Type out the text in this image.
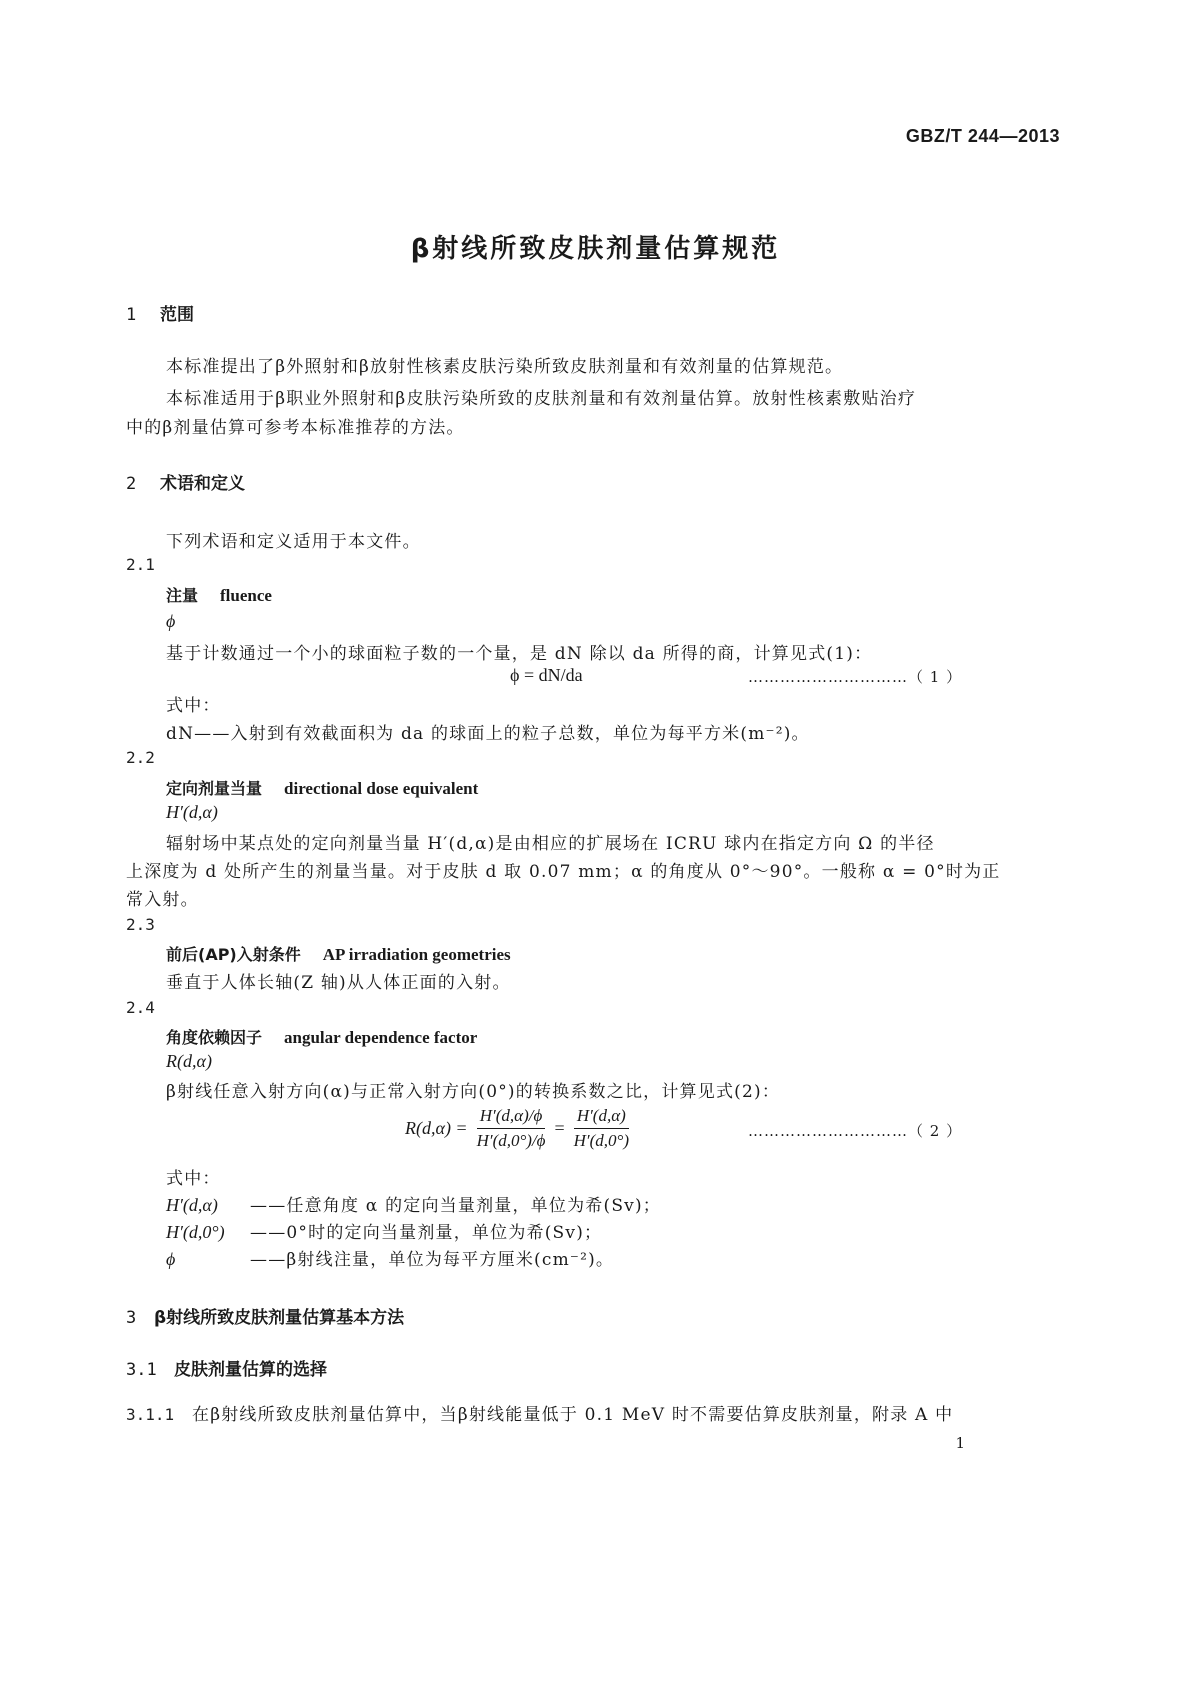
GBZ/T 244—2013
β射线所致皮肤剂量估算规范
1 范围
本标准提出了β外照射和β放射性核素皮肤污染所致皮肤剂量和有效剂量的估算规范。
本标准适用于β职业外照射和β皮肤污染所致的皮肤剂量和有效剂量估算。放射性核素敷贴治疗
中的β剂量估算可参考本标准推荐的方法。
2 术语和定义
下列术语和定义适用于本文件。
2.1
注量 fluence
ϕ
基于计数通过一个小的球面粒子数的一个量，是 dN 除以 da 所得的商，计算见式(1)：
ϕ = dN/da	…………………………（ 1 ）
式中：
dN——入射到有效截面积为 da 的球面上的粒子总数，单位为每平方米(m⁻²)。
2.2
定向剂量当量 directional dose equivalent
H′(d,α)
辐射场中某点处的定向剂量当量 H′(d,α)是由相应的扩展场在 ICRU 球内在指定方向 Ω 的半径
上深度为 d 处所产生的剂量当量。对于皮肤 d 取 0.07 mm；α 的角度从 0°～90°。一般称 α = 0°时为正
常入射。
2.3
前后(AP)入射条件 AP irradiation geometries
垂直于人体长轴(Z 轴)从人体正面的入射。
2.4
角度依赖因子 angular dependence factor
R(d,α)
β射线任意入射方向(α)与正常入射方向(0°)的转换系数之比，计算见式(2)：
$R(d,\alpha) = \frac{H'(d,\alpha)/\phi}{H'(d,0^\circ)/\phi} = \frac{H'(d,\alpha)}{H'(d,0^\circ)}$	…………………………（ 2 ）
式中：
H′(d,α) ——任意角度 α 的定向当量剂量，单位为希(Sv)；
H′(d,0°) ——0°时的定向当量剂量，单位为希(Sv)；
ϕ	——β射线注量，单位为每平方厘米(cm⁻²)。
3 β射线所致皮肤剂量估算基本方法
3.1 皮肤剂量估算的选择
3.1.1 在β射线所致皮肤剂量估算中，当β射线能量低于 0.1 MeV 时不需要估算皮肤剂量，附录 A 中
1
